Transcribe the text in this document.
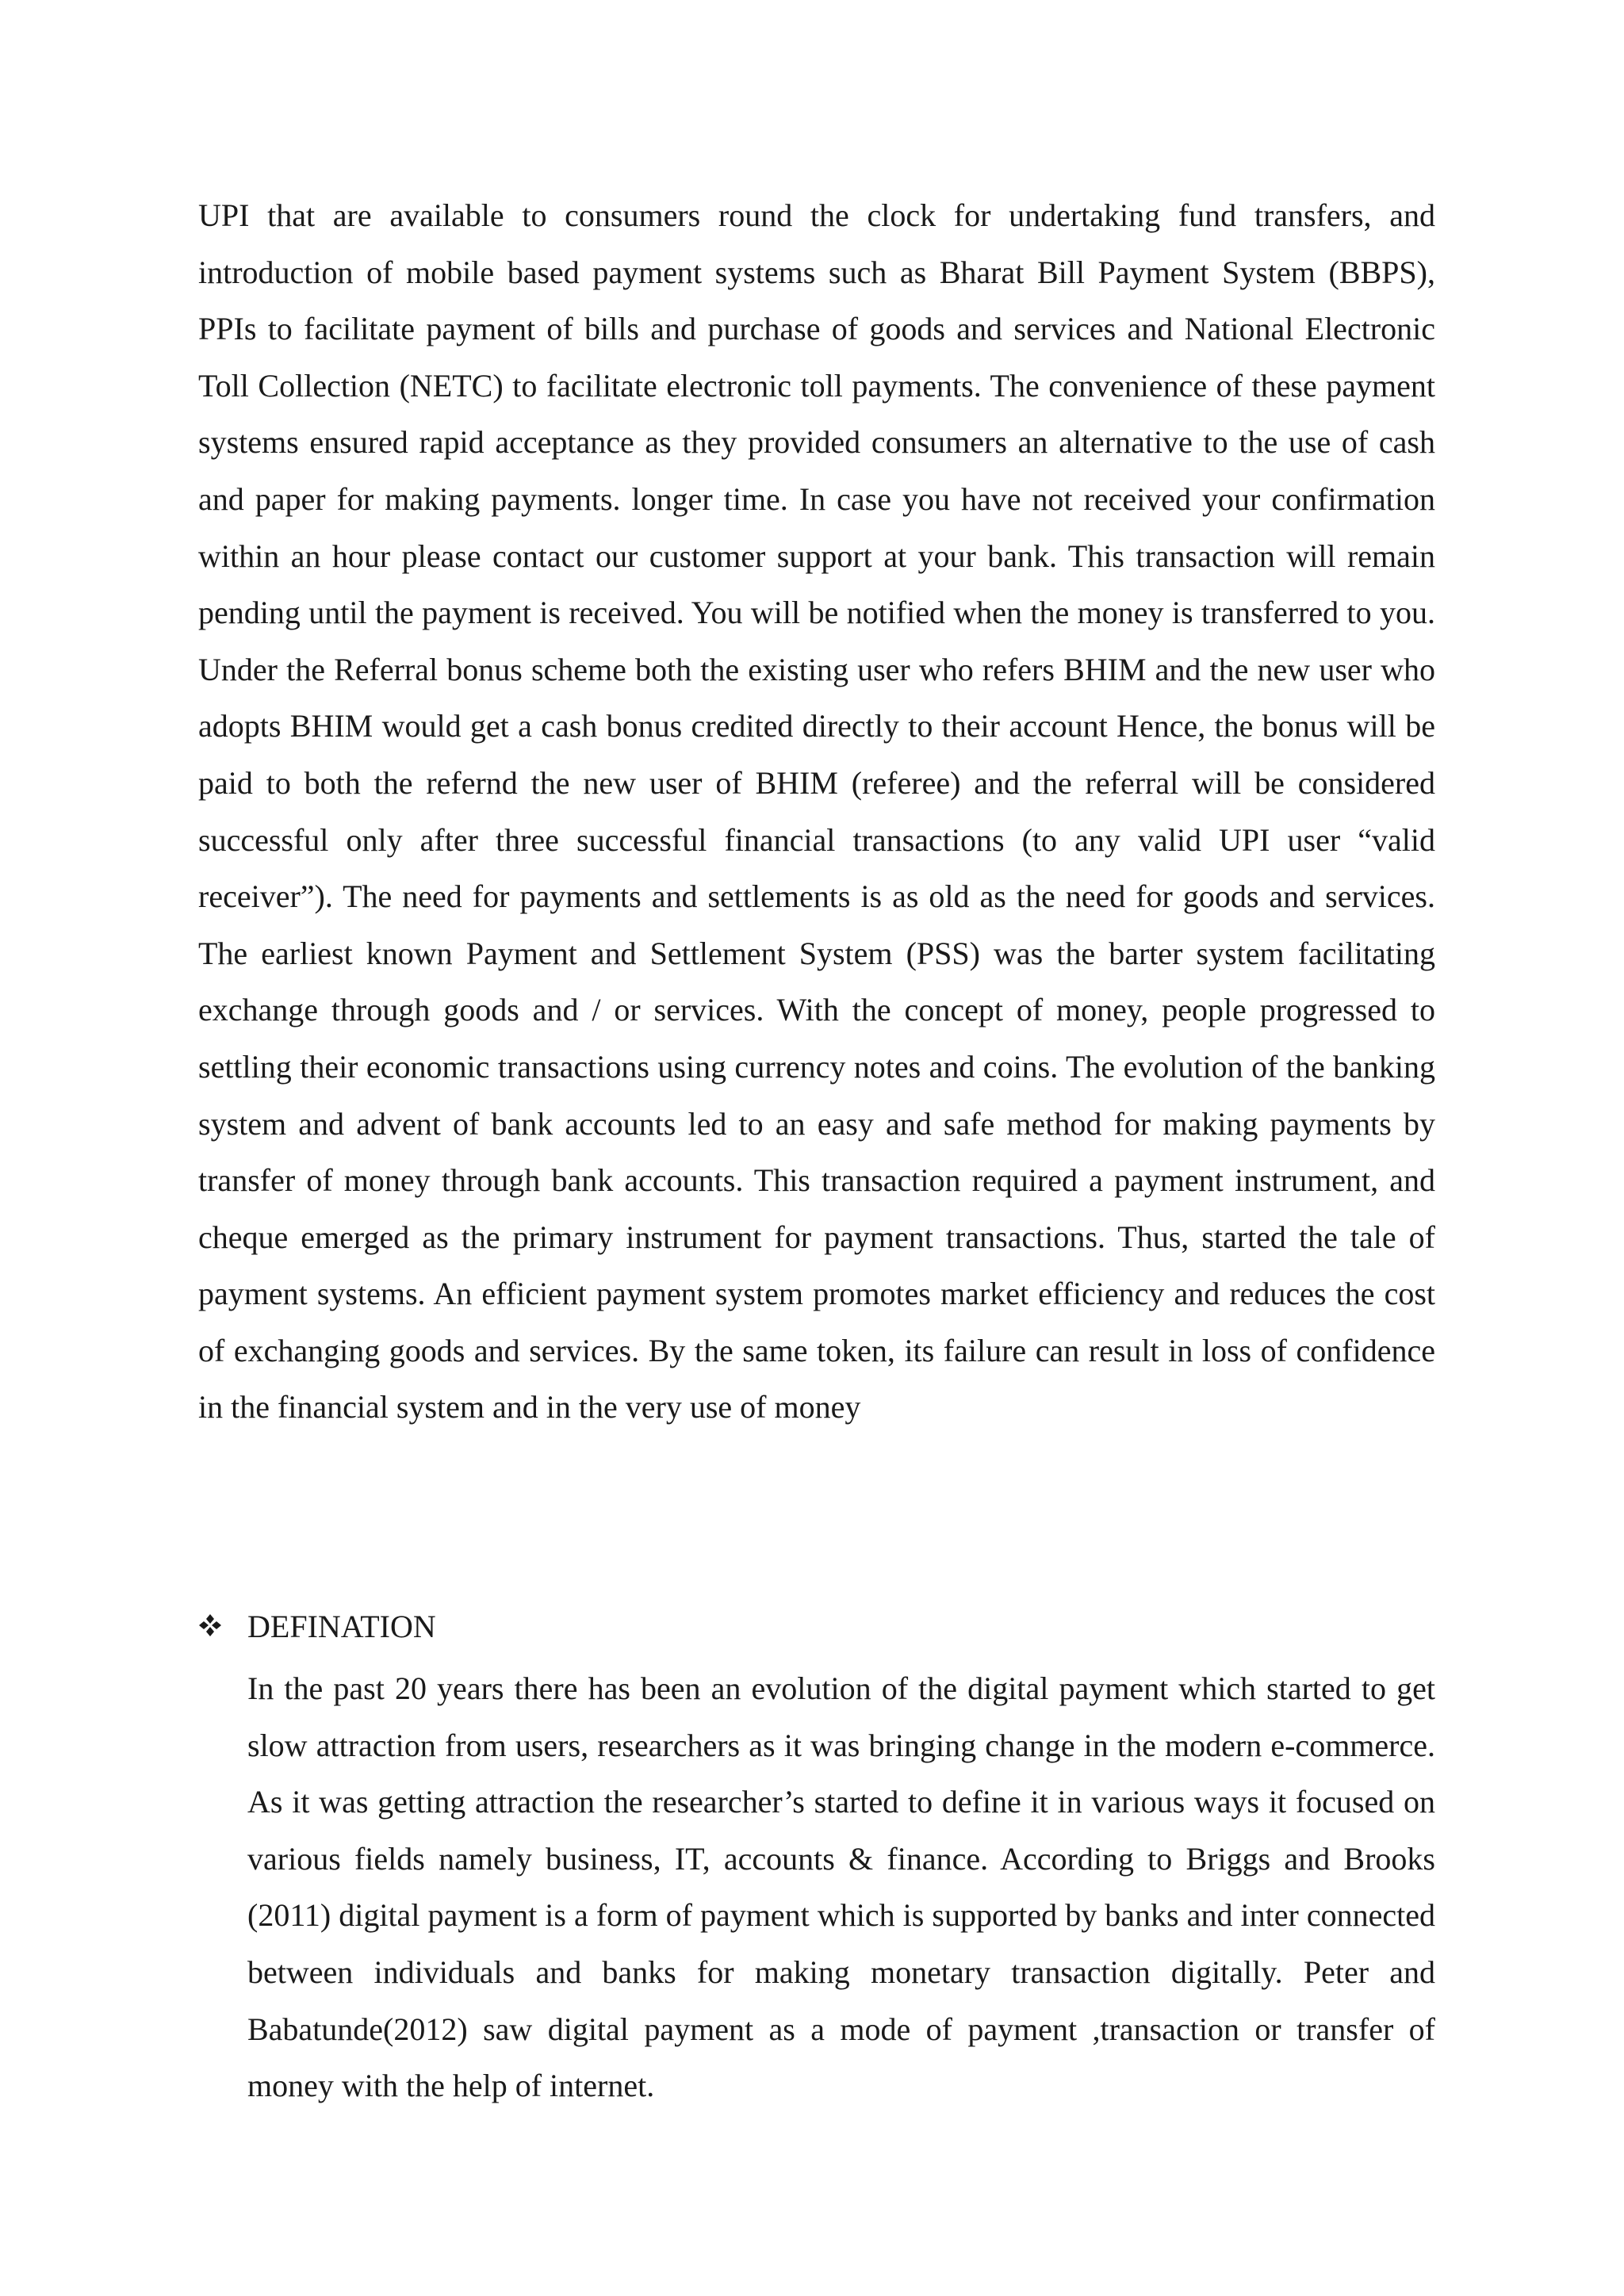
UPI that are available to consumers round the clock for undertaking fund transfers, and introduction of mobile based payment systems such as Bharat Bill Payment System (BBPS), PPIs to facilitate payment of bills and purchase of goods and services and National Electronic Toll Collection (NETC) to facilitate electronic toll payments. The convenience of these payment systems ensured rapid acceptance as they provided consumers an alternative to the use of cash and paper for making payments. longer time. In case you have not received your confirmation within an hour please contact our customer support at your bank. This transaction will remain pending until the payment is received. You will be notified when the money is transferred to you. Under the Referral bonus scheme both the existing user who refers BHIM and the new user who adopts BHIM would get a cash bonus credited directly to their account Hence, the bonus will be paid to both the refernd the new user of BHIM (referee) and the referral will be considered successful only after three successful financial transactions (to any valid UPI user “valid receiver”). The need for payments and settlements is as old as the need for goods and services. The earliest known Payment and Settlement System (PSS) was the barter system facilitating exchange through goods and / or services. With the concept of money, people progressed to settling their economic transactions using currency notes and coins. The evolution of the banking system and advent of bank accounts led to an easy and safe method for making payments by transfer of money through bank accounts. This transaction required a payment instrument, and cheque emerged as the primary instrument for payment transactions. Thus, started the tale of payment systems. An efficient payment system promotes market efficiency and reduces the cost of exchanging goods and services. By the same token, its failure can result in loss of confidence in the financial system and in the very use of money

DEFINATION

In the past 20 years there has been an evolution of the digital payment which started to get slow attraction from users, researchers as it was bringing change in the modern e-commerce. As it was getting attraction the researcher’s started to define it in various ways it focused on various fields namely business, IT, accounts & finance. According to Briggs and Brooks (2011) digital payment is a form of payment which is supported by banks and inter connected between individuals and banks for making monetary transaction digitally. Peter and Babatunde(2012) saw digital payment as a mode of payment ,transaction or transfer of money with the help of internet.
